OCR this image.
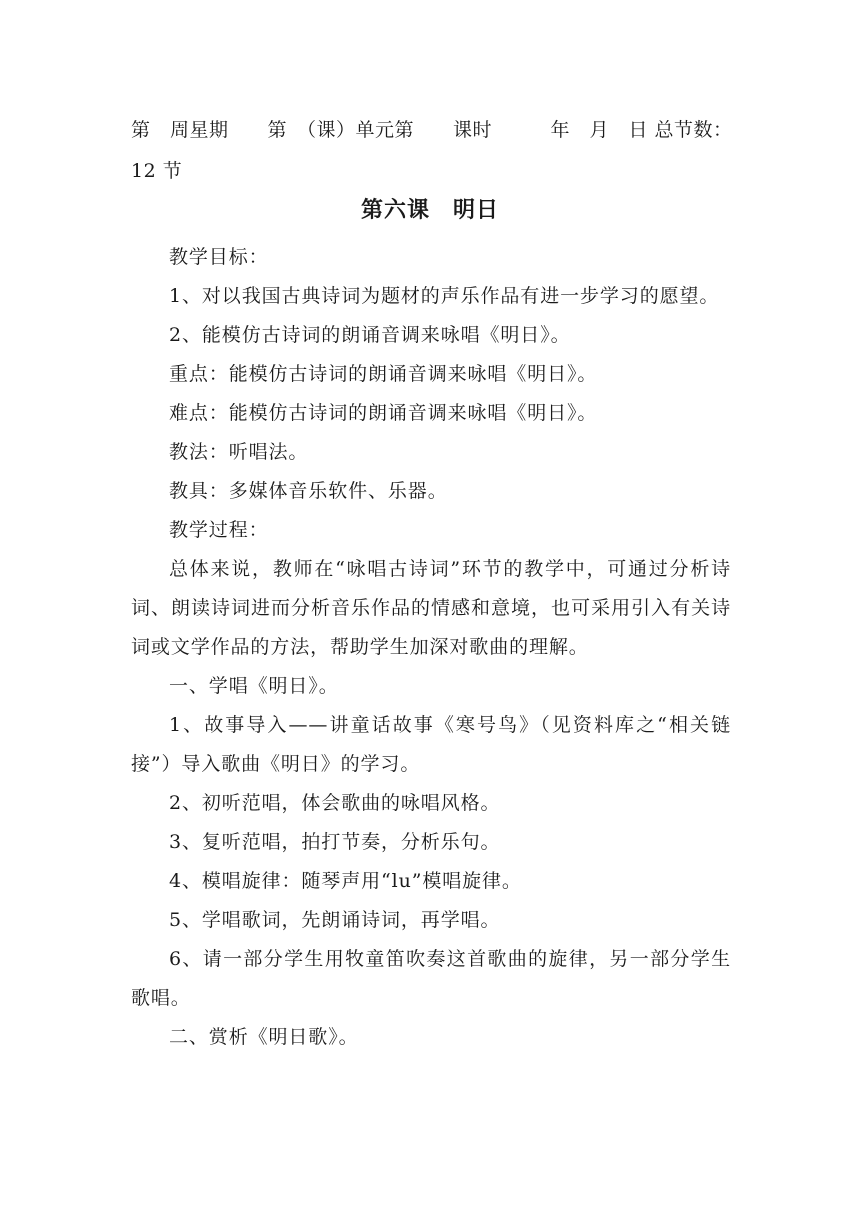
第　周星期　　第　（课）单元第　　课时　　　年　月　日 总节数：
12 节
第六课　明日

教学目标：

1、对以我国古典诗词为题材的声乐作品有进一步学习的愿望。

2、能模仿古诗词的朗诵音调来咏唱《明日》。

重点：能模仿古诗词的朗诵音调来咏唱《明日》。

难点：能模仿古诗词的朗诵音调来咏唱《明日》。

教法：听唱法。

教具：多媒体音乐软件、乐器。

教学过程：

总体来说，教师在“咏唱古诗词”环节的教学中，可通过分析诗词、朗读诗词进而分析音乐作品的情感和意境，也可采用引入有关诗词或文学作品的方法，帮助学生加深对歌曲的理解。

一、学唱《明日》。

1、故事导入——讲童话故事《寒号鸟》（见资料库之“相关链接”）导入歌曲《明日》的学习。

2、初听范唱，体会歌曲的咏唱风格。

3、复听范唱，拍打节奏，分析乐句。

4、模唱旋律：随琴声用“lu”模唱旋律。

5、学唱歌词，先朗诵诗词，再学唱。

6、请一部分学生用牧童笛吹奏这首歌曲的旋律，另一部分学生歌唱。

二、赏析《明日歌》。
